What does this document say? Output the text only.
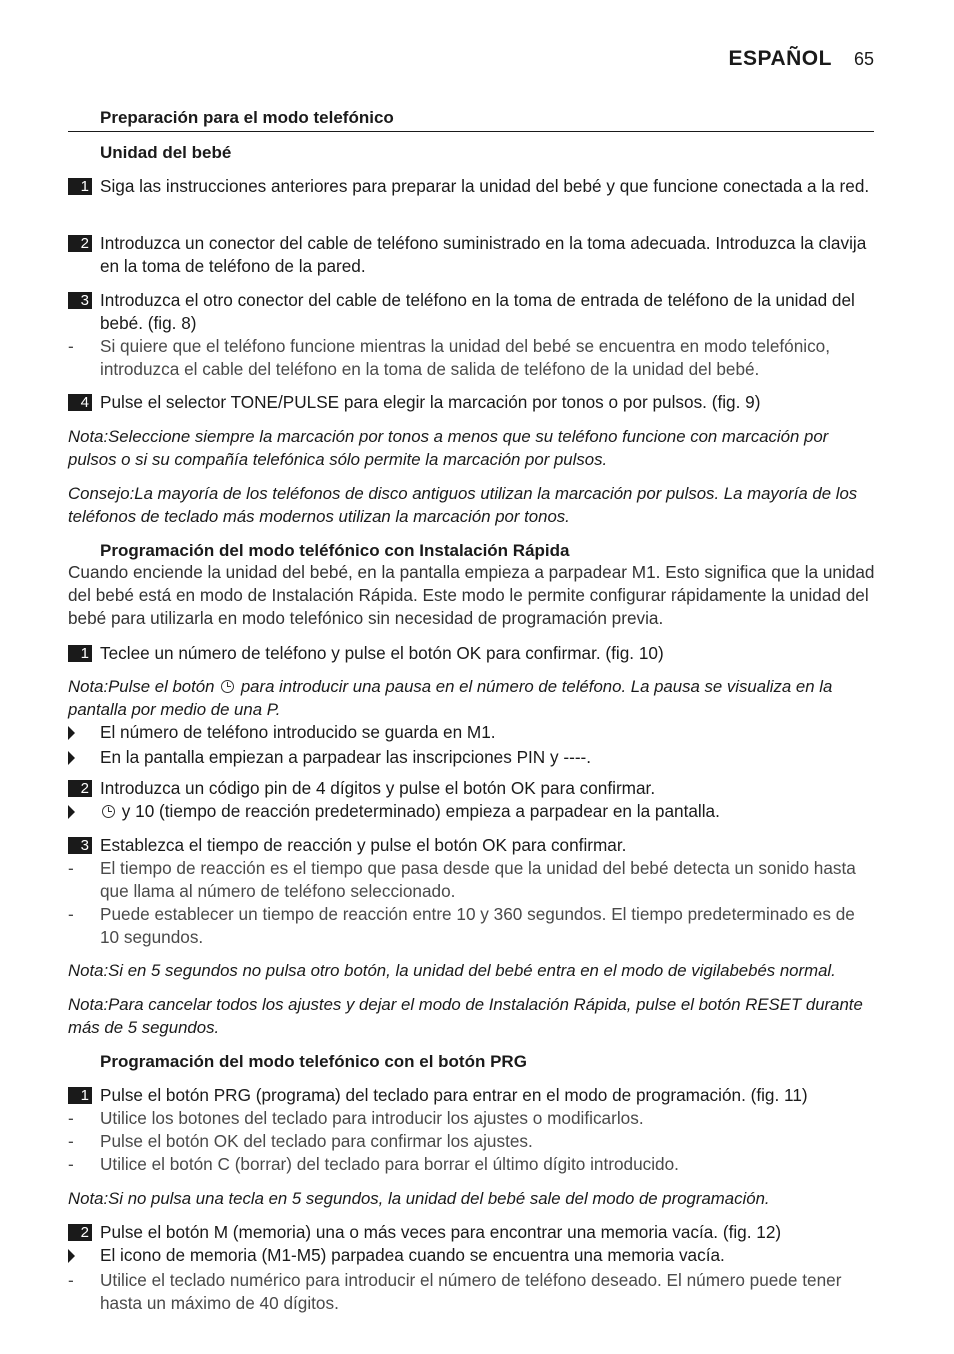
ESPAÑOL 65
Preparación para el modo telefónico
Unidad del bebé
1 Siga las instrucciones anteriores para preparar la unidad del bebé y que funcione conectada a la red.
2 Introduzca un conector del cable de teléfono suministrado en la toma adecuada. Introduzca la clavija en la toma de teléfono de la pared.
3 Introduzca el otro conector del cable de teléfono en la toma de entrada de teléfono de la unidad del bebé. (fig. 8)
-	Si quiere que el teléfono funcione mientras la unidad del bebé se encuentra en modo telefónico, introduzca el cable del teléfono en la toma de salida de teléfono de la unidad del bebé.
4 Pulse el selector TONE/PULSE para elegir la marcación por tonos o por pulsos. (fig. 9)
Nota:Seleccione siempre la marcación por tonos a menos que su teléfono funcione con marcación por pulsos o si su compañía telefónica sólo permite la marcación por pulsos.
Consejo:La mayoría de los teléfonos de disco antiguos utilizan la marcación por pulsos. La mayoría de los teléfonos de teclado más modernos utilizan la marcación por tonos.
Programación del modo teléfónico con Instalación Rápida
Cuando enciende la unidad del bebé, en la pantalla empieza a parpadear M1. Esto significa que la unidad del bebé está en modo de Instalación Rápida. Este modo le permite configurar rápidamente la unidad del bebé para utilizarla en modo telefónico sin necesidad de programación previa.
1 Teclee un número de teléfono y pulse el botón OK para confirmar. (fig. 10)
Nota:Pulse el botón para introducir una pausa en el número de teléfono. La pausa se visualiza en la pantalla por medio de una P.
El número de teléfono introducido se guarda en M1.
En la pantalla empiezan a parpadear las inscripciones PIN y ----.
2 Introduzca un código pin de 4 dígitos y pulse el botón OK para confirmar.
y 10 (tiempo de reacción predeterminado) empieza a parpadear en la pantalla.
3 Establezca el tiempo de reacción y pulse el botón OK para confirmar.
-	El tiempo de reacción es el tiempo que pasa desde que la unidad del bebé detecta un sonido hasta que llama al número de teléfono seleccionado.
-	Puede establecer un tiempo de reacción entre 10 y 360 segundos. El tiempo predeterminado es de 10 segundos.
Nota:Si en 5 segundos no pulsa otro botón, la unidad del bebé entra en el modo de vigilabebés normal.
Nota:Para cancelar todos los ajustes y dejar el modo de Instalación Rápida, pulse el botón RESET durante más de 5 segundos.
Programación del modo telefónico con el botón PRG
1 Pulse el botón PRG (programa) del teclado para entrar en el modo de programación. (fig. 11)
-	Utilice los botones del teclado para introducir los ajustes o modificarlos.
-	Pulse el botón OK del teclado para confirmar los ajustes.
-	Utilice el botón C (borrar) del teclado para borrar el último dígito introducido.
Nota:Si no pulsa una tecla en 5 segundos, la unidad del bebé sale del modo de programación.
2 Pulse el botón M (memoria) una o más veces para encontrar una memoria vacía. (fig. 12)
El icono de memoria (M1-M5) parpadea cuando se encuentra una memoria vacía.
-	Utilice el teclado numérico para introducir el número de teléfono deseado. El número puede tener hasta un máximo de 40 dígitos.
